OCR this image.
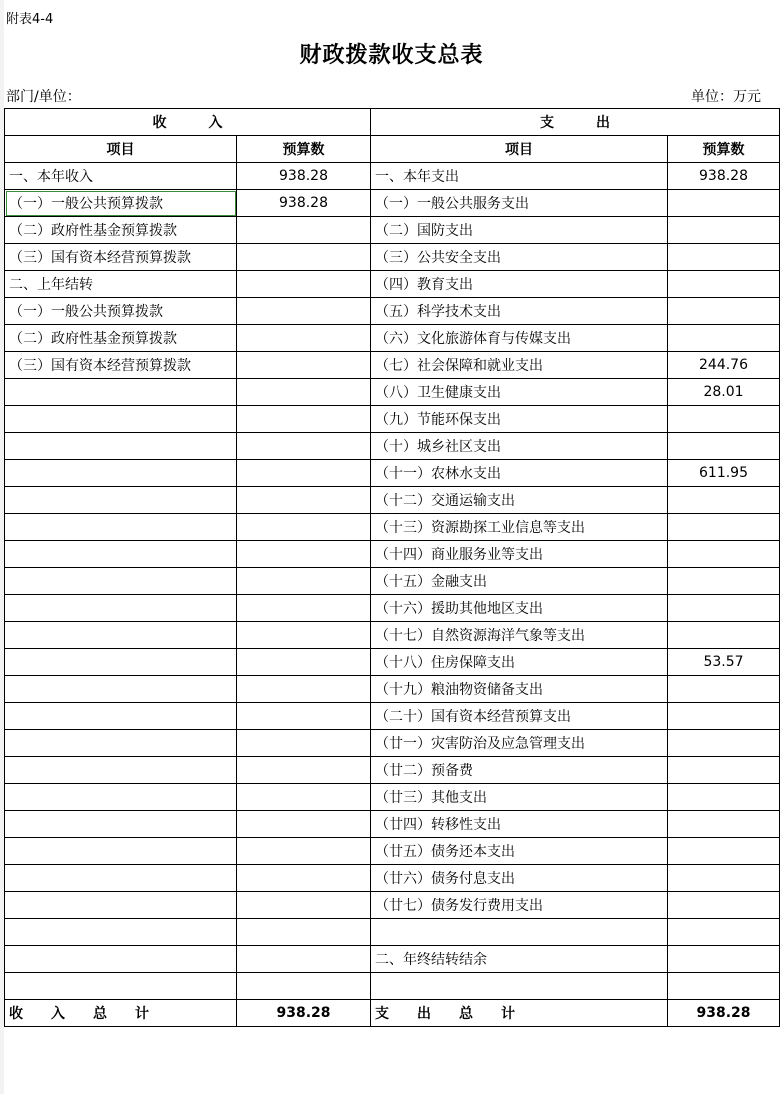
附表4-4
财政拨款收支总表
部门/单位：	单位：万元
收　　　入		支　　　出	
项目	预算数	项目	预算数
一、本年收入	938.28	一、本年支出	938.28
（一）一般公共预算拨款	938.28	（一）一般公共服务支出	
（二）政府性基金预算拨款		（二）国防支出	
（三）国有资本经营预算拨款		（三）公共安全支出	
二、上年结转		（四）教育支出	
（一）一般公共预算拨款		（五）科学技术支出	
（二）政府性基金预算拨款		（六）文化旅游体育与传媒支出	
（三）国有资本经营预算拨款		（七）社会保障和就业支出	244.76
		（八）卫生健康支出	28.01
		（九）节能环保支出	
		（十）城乡社区支出	
		（十一）农林水支出	611.95
		（十二）交通运输支出	
		（十三）资源勘探工业信息等支出	
		（十四）商业服务业等支出	
		（十五）金融支出	
		（十六）援助其他地区支出	
		（十七）自然资源海洋气象等支出	
		（十八）住房保障支出	53.57
		（十九）粮油物资储备支出	
		（二十）国有资本经营预算支出	
		（廿一）灾害防治及应急管理支出	
		（廿二）预备费	
		（廿三）其他支出	
		（廿四）转移性支出	
		（廿五）债务还本支出	
		（廿六）债务付息支出	
		（廿七）债务发行费用支出	

		二、年终结转结余	

收　　入　　总　　计	938.28	支　　出　　总　　计	938.28
